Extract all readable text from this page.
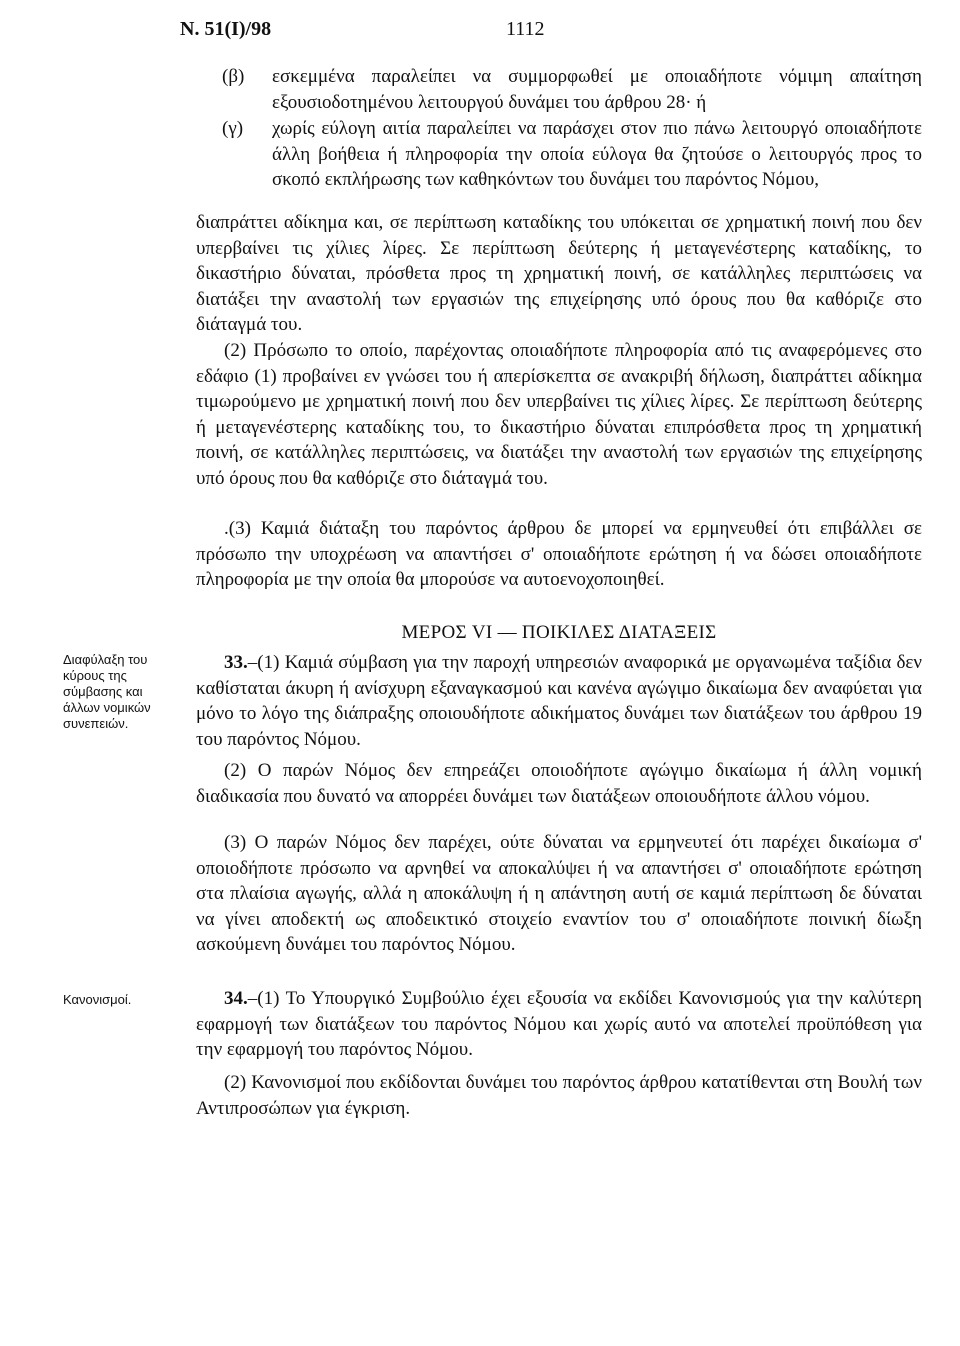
Ν. 51(Ι)/98	1112
(β) εσκεμμένα παραλείπει να συμμορφωθεί με οποιαδήποτε νόμιμη απαίτηση εξουσιοδοτημένου λειτουργού δυνάμει του άρθρου 28· ή

(γ) χωρίς εύλογη αιτία παραλείπει να παράσχει στον πιο πάνω λειτουργό οποιαδήποτε άλλη βοήθεια ή πληροφορία την οποία εύλογα θα ζητούσε ο λειτουργός προς το σκοπό εκπλήρωσης των καθηκόντων του δυνάμει του παρόντος Νόμου,

διαπράττει αδίκημα και, σε περίπτωση καταδίκης του υπόκειται σε χρηματική ποινή που δεν υπερβαίνει τις χίλιες λίρες. Σε περίπτωση δεύτερης ή μεταγενέστερης καταδίκης, το δικαστήριο δύναται, πρόσθετα προς τη χρηματική ποινή, σε κατάλληλες περιπτώσεις να διατάξει την αναστολή των εργασιών της επιχείρησης υπό όρους που θα καθόριζε στο διάταγμά του.

(2) Πρόσωπο το οποίο, παρέχοντας οποιαδήποτε πληροφορία από τις αναφερόμενες στο εδάφιο (1) προβαίνει εν γνώσει του ή απερίσκεπτα σε ανακριβή δήλωση, διαπράττει αδίκημα τιμωρούμενο με χρηματική ποινή που δεν υπερβαίνει τις χίλιες λίρες. Σε περίπτωση δεύτερης ή μεταγενέστερης καταδίκης του, το δικαστήριο δύναται επιπρόσθετα προς τη χρηματική ποινή, σε κατάλληλες περιπτώσεις, να διατάξει την αναστολή των εργασιών της επιχείρησης υπό όρους που θα καθόριζε στο διάταγμά του.

.(3) Καμιά διάταξη του παρόντος άρθρου δε μπορεί να ερμηνευθεί ότι επιβάλλει σε πρόσωπο την υποχρέωση να απαντήσει σ' οποιαδήποτε ερώτηση ή να δώσει οποιαδήποτε πληροφορία με την οποία θα μπορούσε να αυτοενοχοποιηθεί.

ΜΕΡΟΣ VI — ΠΟΙΚΙΛΕΣ ΔΙΑΤΑΞΕΙΣ
Διαφύλαξη του κύρους της σύμβασης και άλλων νομικών συνεπειών.

33.–(1) Καμιά σύμβαση για την παροχή υπηρεσιών αναφορικά με οργανωμένα ταξίδια δεν καθίσταται άκυρη ή ανίσχυρη εξαναγκασμού και κανένα αγώγιμο δικαίωμα δεν αναφύεται για μόνο το λόγο της διάπραξης οποιουδήποτε αδικήματος δυνάμει των διατάξεων του άρθρου 19 του παρόντος Νόμου.

(2) Ο παρών Νόμος δεν επηρεάζει οποιοδήποτε αγώγιμο δικαίωμα ή άλλη νομική διαδικασία που δυνατό να απορρέει δυνάμει των διατάξεων οποιουδήποτε άλλου νόμου.

(3) Ο παρών Νόμος δεν παρέχει, ούτε δύναται να ερμηνευτεί ότι παρέχει δικαίωμα σ' οποιοδήποτε πρόσωπο να αρνηθεί να αποκαλύψει ή να απαντήσει σ' οποιαδήποτε ερώτηση στα πλαίσια αγωγής, αλλά η αποκάλυψη ή η απάντηση αυτή σε καμιά περίπτωση δε δύναται να γίνει αποδεκτή ως αποδεικτικό στοιχείο εναντίον του σ' οποιαδήποτε ποινική δίωξη ασκούμενη δυνάμει του παρόντος Νόμου.

Κανονισμοί.	34.–(1) Το Υπουργικό Συμβούλιο έχει εξουσία να εκδίδει Κανονισμούς για την καλύτερη εφαρμογή των διατάξεων του παρόντος Νόμου και χωρίς αυτό να αποτελεί προϋπόθεση για την εφαρμογή του παρόντος Νόμου.

(2) Κανονισμοί που εκδίδονται δυνάμει του παρόντος άρθρου κατατίθενται στη Βουλή των Αντιπροσώπων για έγκριση.
